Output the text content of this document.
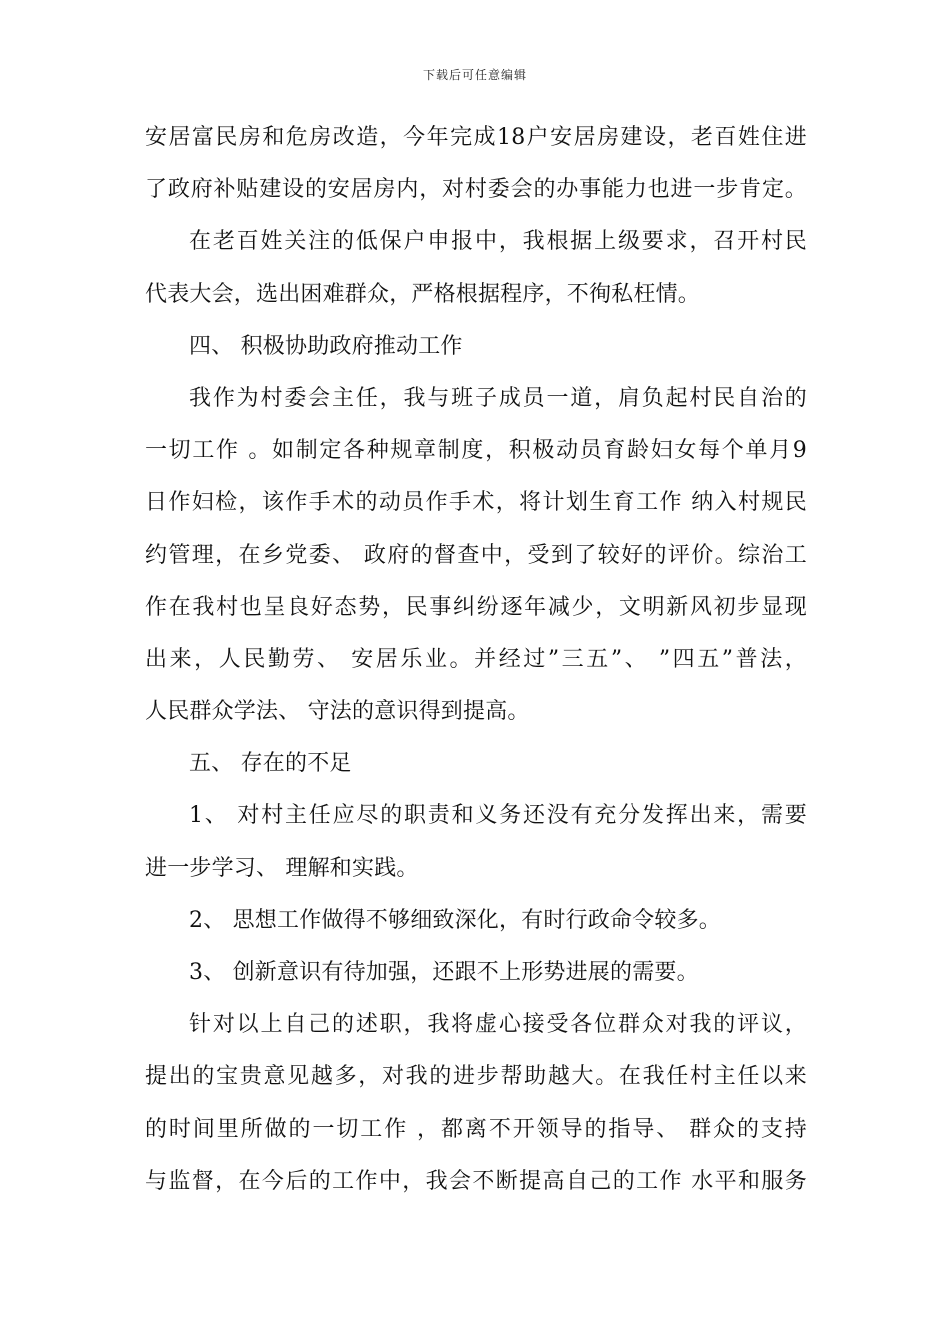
下载后可任意编辑
安居富民房和危房改造，今年完成18户安居房建设，老百姓住进
了政府补贴建设的安居房内，对村委会的办事能力也进一步肯定。
在老百姓关注的低保户申报中，我根据上级要求，召开村民
代表大会，选出困难群众，严格根据程序，不徇私枉情。
四、 积极协助政府推动工作
我作为村委会主任，我与班子成员一道，肩负起村民自治的
一切工作 。如制定各种规章制度，积极动员育龄妇女每个单月9
日作妇检，该作手术的动员作手术，将计划生育工作 纳入村规民
约管理，在乡党委、 政府的督查中，受到了较好的评价。综治工
作在我村也呈良好态势，民事纠纷逐年减少，文明新风初步显现
出来，人民勤劳、 安居乐业。并经过”三五”、 ”四五”普法，
人民群众学法、 守法的意识得到提高。
五、 存在的不足
1、 对村主任应尽的职责和义务还没有充分发挥出来，需要
进一步学习、 理解和实践。
2、 思想工作做得不够细致深化，有时行政命令较多。
3、 创新意识有待加强，还跟不上形势进展的需要。
针对以上自己的述职，我将虚心接受各位群众对我的评议，
提出的宝贵意见越多，对我的进步帮助越大。在我任村主任以来
的时间里所做的一切工作 ，都离不开领导的指导、 群众的支持
与监督，在今后的工作中，我会不断提高自己的工作 水平和服务
